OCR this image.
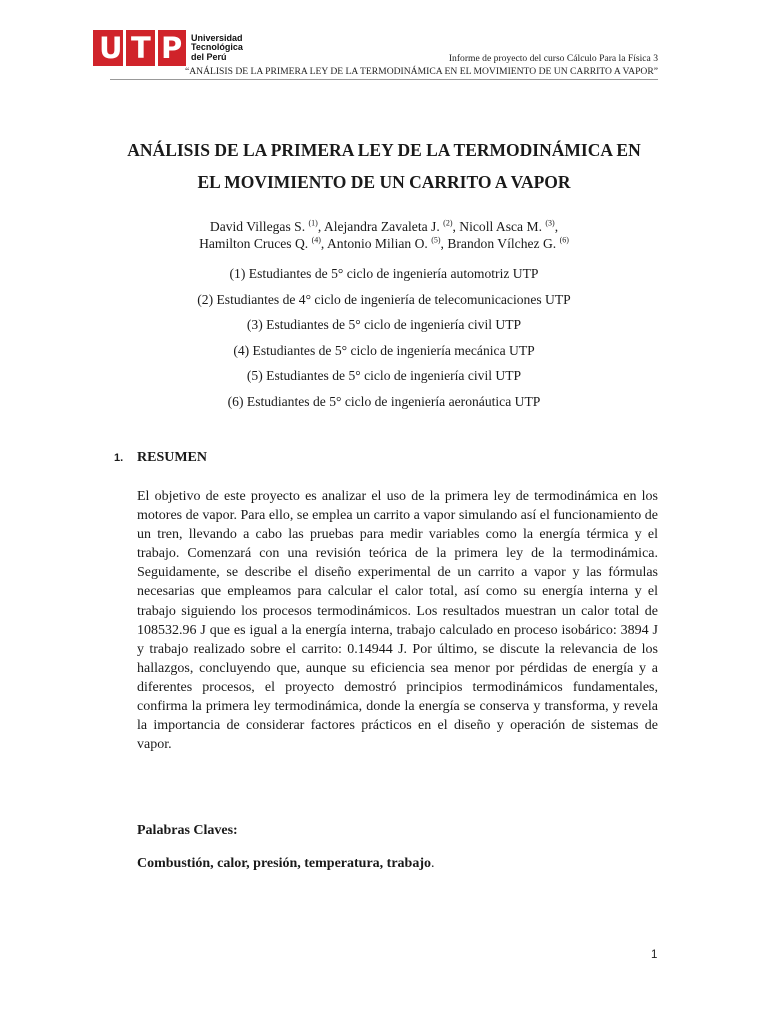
U T P Universidad
Tecnológica
del Perú	Informe de proyecto del curso Cálculo Para la Física 3
“ANÁLISIS DE LA PRIMERA LEY DE LA TERMODINÁMICA EN EL MOVIMIENTO DE UN CARRITO A VAPOR”
ANÁLISIS DE LA PRIMERA LEY DE LA TERMODINÁMICA EN
EL MOVIMIENTO DE UN CARRITO A VAPOR
David Villegas S. $^{(1)}$, Alejandra Zavaleta J. $^{(2)}$, Nicoll Asca M. $^{(3)}$,
Hamilton Cruces Q. $^{(4)}$, Antonio Milian O. $^{(5)}$, Brandon Vílchez G. $^{(6)}$
(1) Estudiantes de 5° ciclo de ingeniería automotriz UTP
(2) Estudiantes de 4° ciclo de ingeniería de telecomunicaciones UTP
(3) Estudiantes de 5° ciclo de ingeniería civil UTP
(4) Estudiantes de 5° ciclo de ingeniería mecánica UTP
(5) Estudiantes de 5° ciclo de ingeniería civil UTP
(6) Estudiantes de 5° ciclo de ingeniería aeronáutica UTP
1. RESUMEN

El objetivo de este proyecto es analizar el uso de la primera ley de termodinámica en los motores de vapor. Para ello, se emplea un carrito a vapor simulando así el funcionamiento de un tren, llevando a cabo las pruebas para medir variables como la energía térmica y el trabajo. Comenzará con una revisión teórica de la primera ley de la termodinámica. Seguidamente, se describe el diseño experimental de un carrito a vapor y las fórmulas necesarias que empleamos para calcular el calor total, así como su energía interna y el trabajo siguiendo los procesos termodinámicos. Los resultados muestran un calor total de 108532.96 J que es igual a la energía interna, trabajo calculado en proceso isobárico: 3894 J y trabajo realizado sobre el carrito: 0.14944 J. Por último, se discute la relevancia de los hallazgos, concluyendo que, aunque su eficiencia sea menor por pérdidas de energía y a diferentes procesos, el proyecto demostró principios termodinámicos fundamentales, confirma la primera ley termodinámica, donde la energía se conserva y transforma, y revela la importancia de considerar factores prácticos en el diseño y operación de sistemas de vapor.

Palabras Claves:
Combustión, calor, presión, temperatura, trabajo.
1
